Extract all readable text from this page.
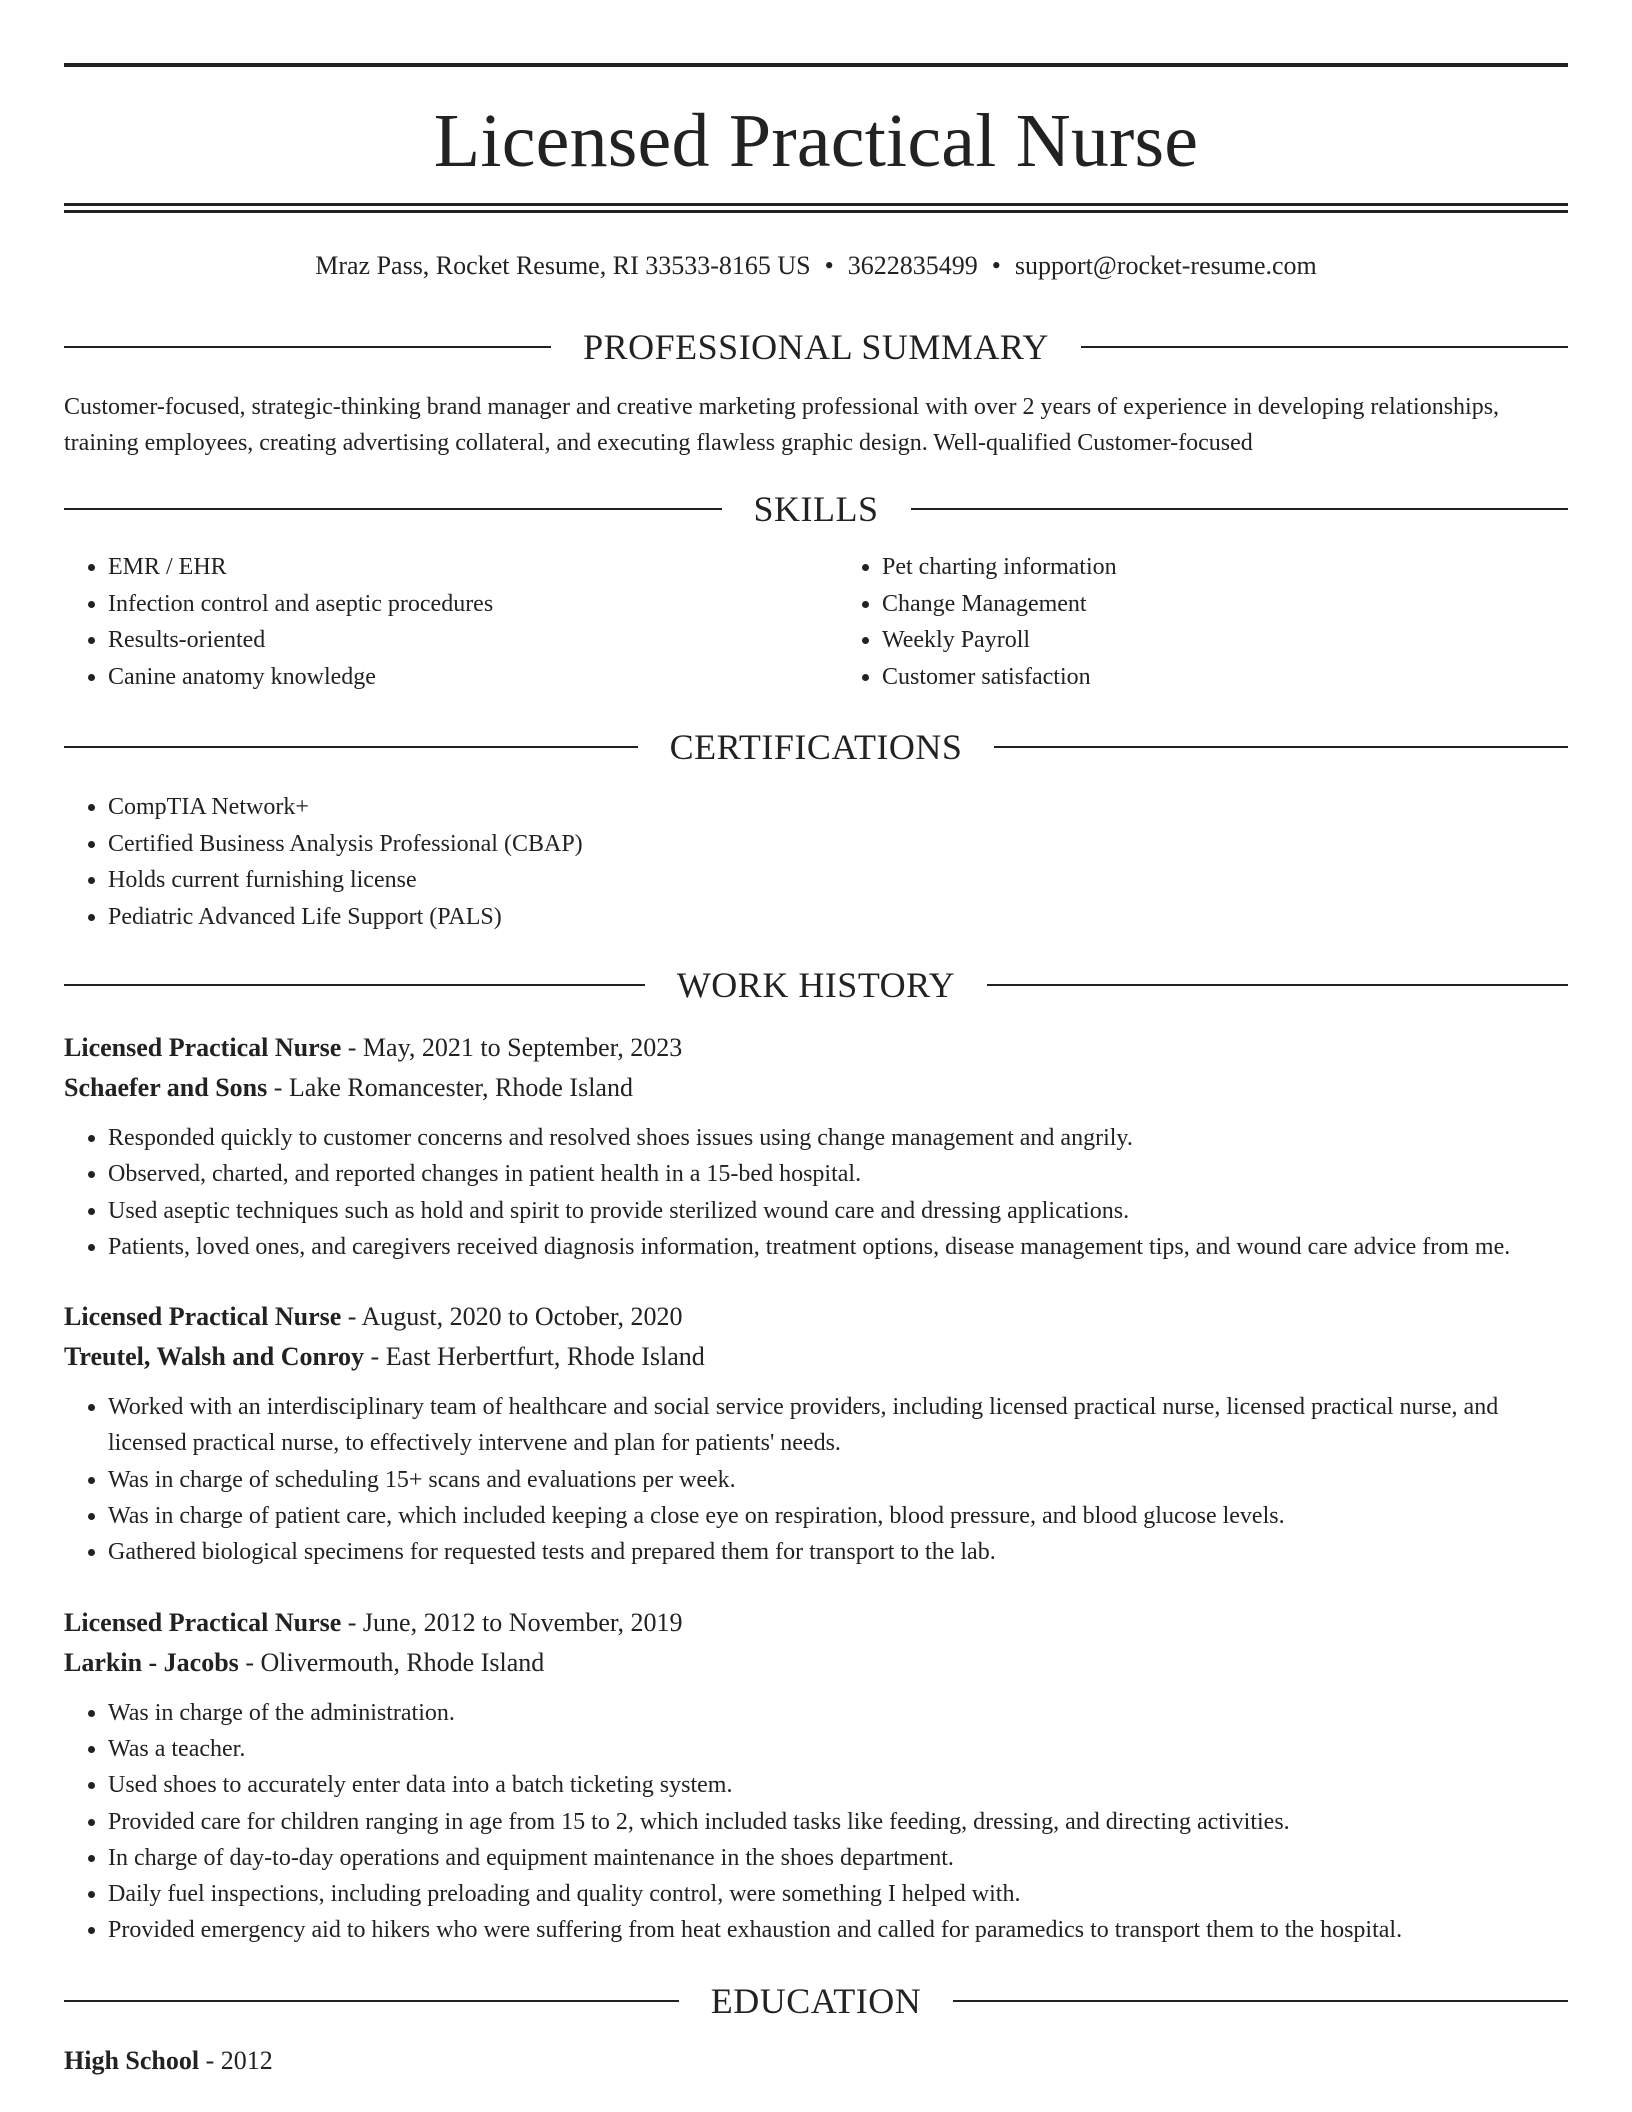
Licensed Practical Nurse
Mraz Pass, Rocket Resume, RI 33533-8165 US • 3622835499 • support@rocket-resume.com
PROFESSIONAL SUMMARY
Customer-focused, strategic-thinking brand manager and creative marketing professional with over 2 years of experience in developing relationships, training employees, creating advertising collateral, and executing flawless graphic design. Well-qualified Customer-focused
SKILLS
• EMR / EHR
• Infection control and aseptic procedures
• Results-oriented
• Canine anatomy knowledge
• Pet charting information
• Change Management
• Weekly Payroll
• Customer satisfaction
CERTIFICATIONS
• CompTIA Network+
• Certified Business Analysis Professional (CBAP)
• Holds current furnishing license
• Pediatric Advanced Life Support (PALS)
WORK HISTORY
Licensed Practical Nurse - May, 2021 to September, 2023
Schaefer and Sons - Lake Romancester, Rhode Island
• Responded quickly to customer concerns and resolved shoes issues using change management and angrily.
• Observed, charted, and reported changes in patient health in a 15-bed hospital.
• Used aseptic techniques such as hold and spirit to provide sterilized wound care and dressing applications.
• Patients, loved ones, and caregivers received diagnosis information, treatment options, disease management tips, and wound care advice from me.
Licensed Practical Nurse - August, 2020 to October, 2020
Treutel, Walsh and Conroy - East Herbertfurt, Rhode Island
• Worked with an interdisciplinary team of healthcare and social service providers, including licensed practical nurse, licensed practical nurse, and licensed practical nurse, to effectively intervene and plan for patients' needs.
• Was in charge of scheduling 15+ scans and evaluations per week.
• Was in charge of patient care, which included keeping a close eye on respiration, blood pressure, and blood glucose levels.
• Gathered biological specimens for requested tests and prepared them for transport to the lab.
Licensed Practical Nurse - June, 2012 to November, 2019
Larkin - Jacobs - Olivermouth, Rhode Island
• Was in charge of the administration.
• Was a teacher.
• Used shoes to accurately enter data into a batch ticketing system.
• Provided care for children ranging in age from 15 to 2, which included tasks like feeding, dressing, and directing activities.
• In charge of day-to-day operations and equipment maintenance in the shoes department.
• Daily fuel inspections, including preloading and quality control, were something I helped with.
• Provided emergency aid to hikers who were suffering from heat exhaustion and called for paramedics to transport them to the hospital.
EDUCATION
High School - 2012
